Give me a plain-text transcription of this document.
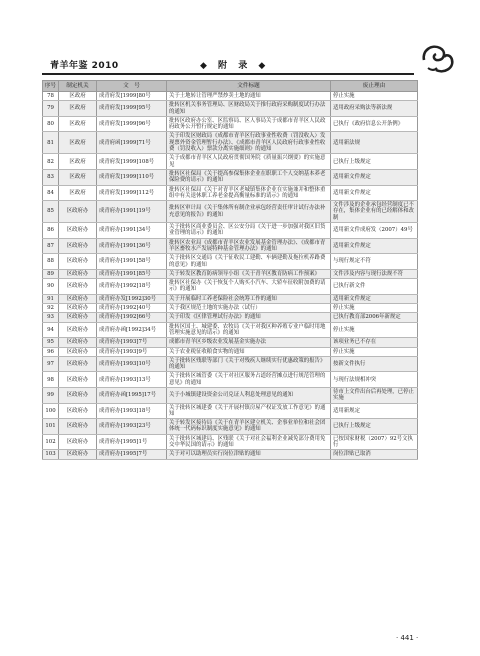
青羊年鉴 2010	◆ 附 录 ◆
序号	制定机关	文　号	文件标题	废止理由
78	区政府	成青府发[1999]80号	关于土地转让管理严禁炒卖土地的通知	停止实施
79	区政府	成青府发[1999]95号	批转区机关事务管理局、区财政局关于推行政府采购制度试行办法的通知	适用政府采购法等新法规
80	区政府	成青府发[1999]96号	批转区政府办公室、区监察局、区人事局关于成都市青羊区人民政府政务公开暂行规定的通知	已执行《政府信息公开条例》
81	区政府	成青府函[1999]71号	关于印发区财政局《成都市青羊区行政事业性收费（罚没收入）发现票外资金管理暂行办法》、《成都市青羊区人民政府行政事业性收费（罚没收入）票款分离实施细则》的通知	适用新法规
82	区政府	成青府发[1999]108号	关于成都市青羊区人民政府贯彻国务院《质量振兴纲要》的实施意见	已执行上级规定
83	区政府	成青府发[1999]110号	批转区社保局《关于提高参保集体企业在职职工个人交纳基本养老保险费的请示》的通知	适用新文件规定
84	区政府	成青府发[1999]112号	批转区社保局《关于对青羊区老城镇集体企业在实施兼并和整体重组中有关退休职工养老金提高衡量标准的请示》的通知	适用新文件规定
85	区政府办	成青府办[1991]19号	批转区审计局《关于集体所有制企业承包经营责任审计试行办法补充意见的报告》的通知	文件涉及的企业承包经营制度已不存在，集体企业有的已经解体和改制
86	区政府办	成青府办[1991]34号	关于批转区商业委员会、区公安分局《关于进一步加强对我区旧货业管理的请示》的通知	适用新文件成府发（2007）49号
87	区政府办	成青府办[1991]36号	批转区农业局《成都市青羊区农业发展基金管理办法》、《成都市青羊区畜牧水产发展特种基金管理办法》的通知	适用新文件规定
88	区政府办	成青府办[1991]58号	关于批转区交通局《关于征收民工建勤、车辆建勤及拖拉机养路费的意见》的通知	与现行规定不符
89	区政府办	成青府办[1991]85号	关于转发区教育防病领导小组《关于青羊区教育防病工作预案》	文件涉及内容与现行法规不符
90	区政府办	成青府办[1992]18号	批转区社保办《关于恢复个人购买小汽车、大轿车征收附加费的请示》的通知	已执行新文件
91	区政府办	成青府办发[1992]30号	关于开展临时工养老保险社会统筹工作的通知	适用新文件规定
92	区政府办	成青府办[1992]40号	关于我区规范土地的实施办法（试行）	停止实施
93	区政府办	成青府办[1992]66号	关于印发《区律管理试行办法》的通知	已执行教育部2006年新规定
94	区政府办	成青府办函[1992]34号	批转区国土、城建委、农牧局《关于对我区种养殖专业户临时用地管理实施意见的请示》的通知	停止实施
95	区政府办	成青府办[1993]7号	成都市青羊区乡级农业发展基金实施办法	该项业务已不存在
96	区政府办	成青府办[1993]9号	关于农业税征收粮食实物的通知	停止实施
97	区政府办	成青府办[1993]10号	关于批转区残联等部门《关于对残疾人继续实行优惠政策的报告》的通知	按新文件执行
98	区政府办	成青府办[1993]13号	关于批转区城管委《关于对社区服务占道经营摊点进行规范管理的意见》的通知	与现行法规相冲突
99	区政府办	成青府办函[1995]17号	关于小城镇建设资金公司兑证人利息处理意见的通知	待市上文件出台后再处理，已停止实施
100	区政府办	成青府办[1993]18号	关于批转区城建委《关于开展村镇房屋产权证发放工作意见》的通知	适用新规定
101	区政府办	成青府办[1993]23号	关于转发区接待局《关于在青羊区建立机关、企事业单位和社会团体统一代码标识制度实施意见》的通知	已执行上级规定
102	区政府办	成青府办[1995]1号	关于批转区城建局、区残联《关于对社会福利企业减免部分费用免交中华民国的请示》的通知	已按国家财税（2007）92号文执行
103	区政府办	成青府办[1995]7号	关于对可以助理员实行岗位津贴的通知	岗位津贴已取消
· 441 ·
